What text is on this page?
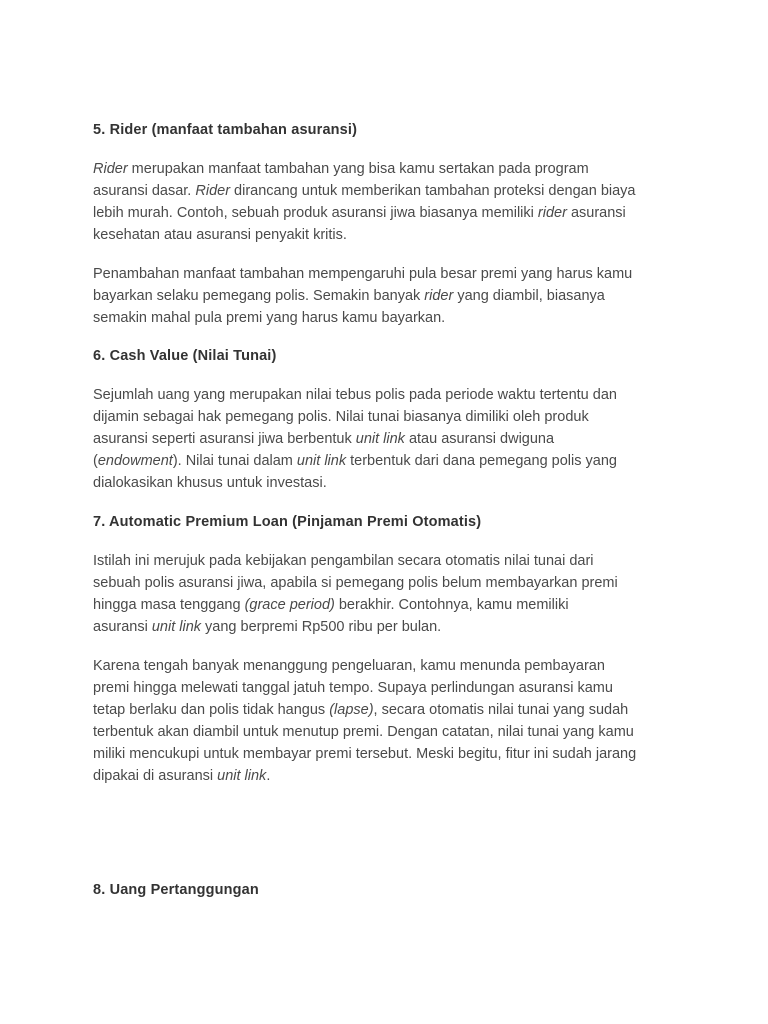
5. Rider (manfaat tambahan asuransi)

Rider merupakan manfaat tambahan yang bisa kamu sertakan pada program
asuransi dasar. Rider dirancang untuk memberikan tambahan proteksi dengan biaya
lebih murah. Contoh, sebuah produk asuransi jiwa biasanya memiliki rider asuransi
kesehatan atau asuransi penyakit kritis.

Penambahan manfaat tambahan mempengaruhi pula besar premi yang harus kamu
bayarkan selaku pemegang polis. Semakin banyak rider yang diambil, biasanya
semakin mahal pula premi yang harus kamu bayarkan.

6. Cash Value (Nilai Tunai)

Sejumlah uang yang merupakan nilai tebus polis pada periode waktu tertentu dan
dijamin sebagai hak pemegang polis. Nilai tunai biasanya dimiliki oleh produk
asuransi seperti asuransi jiwa berbentuk unit link atau asuransi dwiguna
(endowment). Nilai tunai dalam unit link terbentuk dari dana pemegang polis yang
dialokasikan khusus untuk investasi.

7. Automatic Premium Loan (Pinjaman Premi Otomatis)

Istilah ini merujuk pada kebijakan pengambilan secara otomatis nilai tunai dari
sebuah polis asuransi jiwa, apabila si pemegang polis belum membayarkan premi
hingga masa tenggang (grace period) berakhir. Contohnya, kamu memiliki
asuransi unit link yang berpremi Rp500 ribu per bulan.

Karena tengah banyak menanggung pengeluaran, kamu menunda pembayaran
premi hingga melewati tanggal jatuh tempo. Supaya perlindungan asuransi kamu
tetap berlaku dan polis tidak hangus (lapse), secara otomatis nilai tunai yang sudah
terbentuk akan diambil untuk menutup premi. Dengan catatan, nilai tunai yang kamu
miliki mencukupi untuk membayar premi tersebut. Meski begitu, fitur ini sudah jarang
dipakai di asuransi unit link.

8. Uang Pertanggungan
